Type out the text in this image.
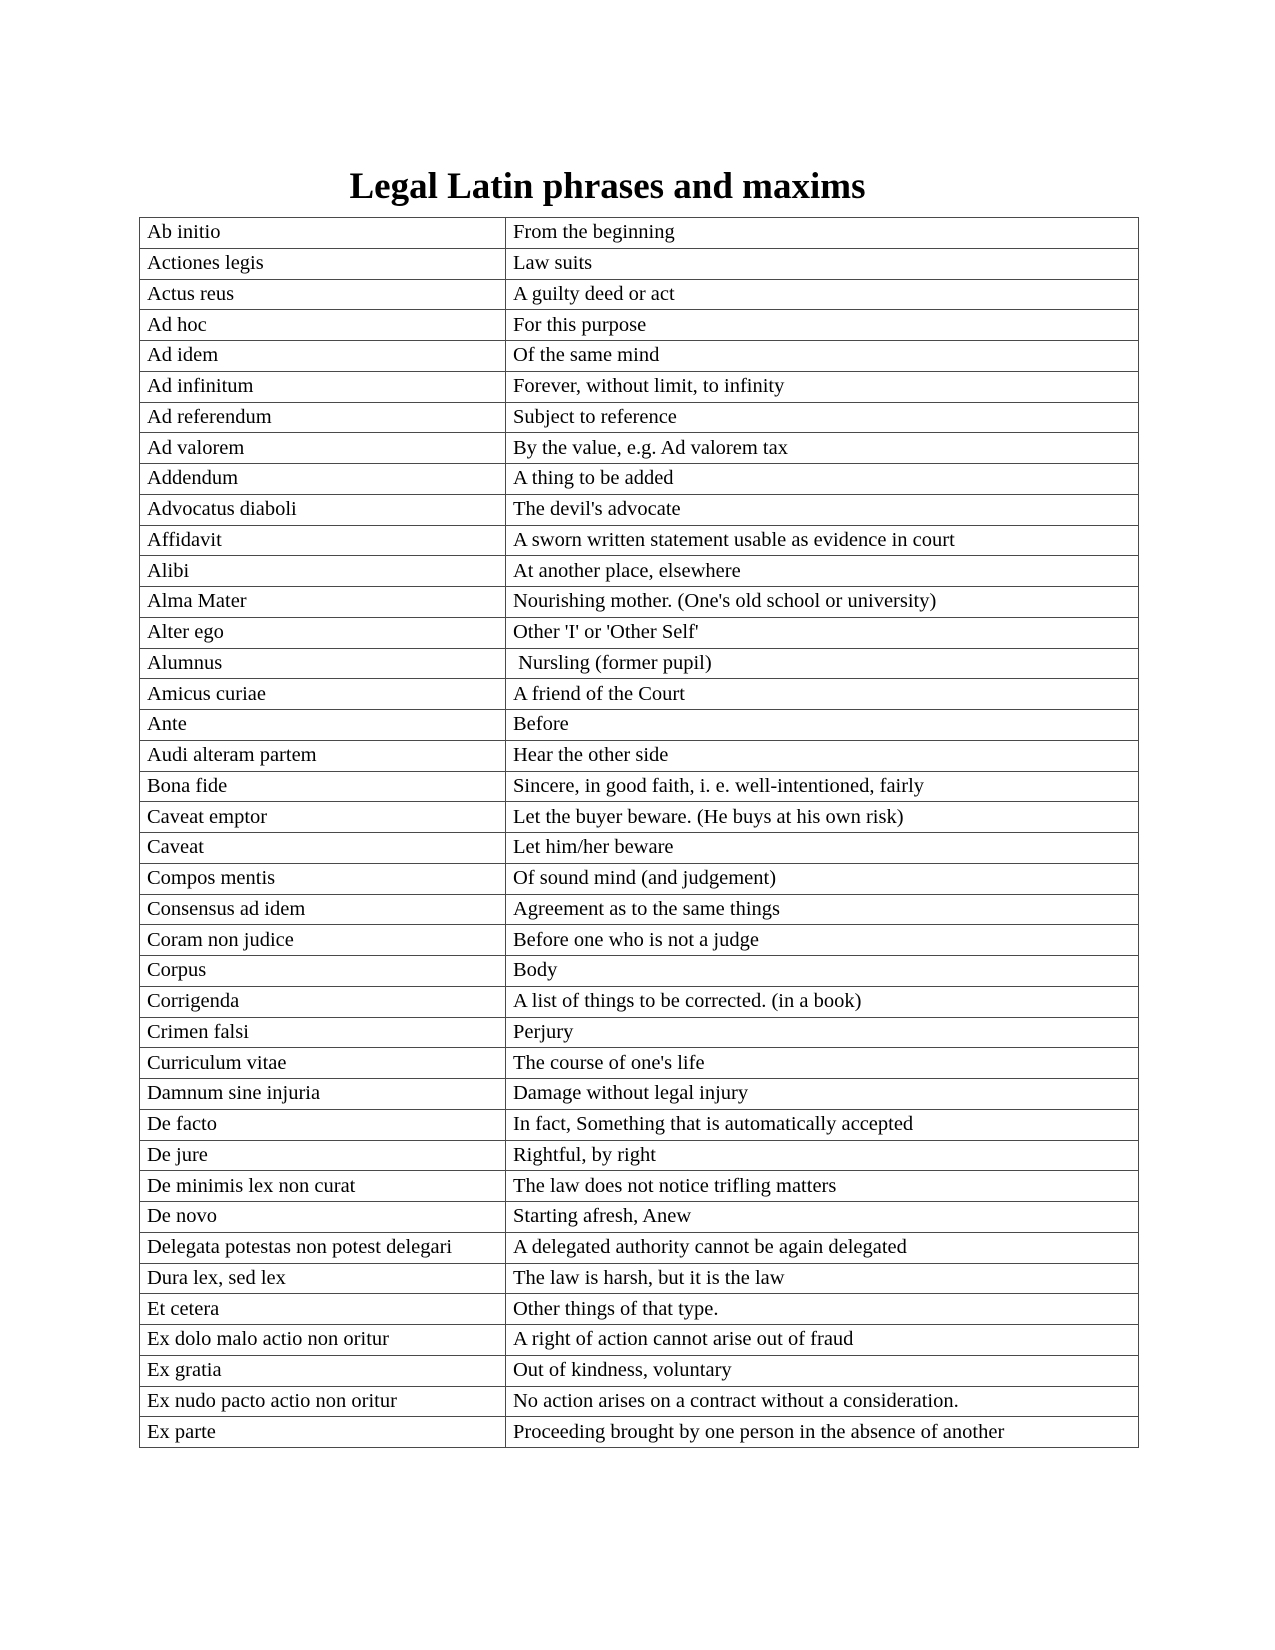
Legal Latin phrases and maxims
Ab initio	From the beginning
Actiones legis	Law suits
Actus reus	A guilty deed or act
Ad hoc	For this purpose
Ad idem	Of the same mind
Ad infinitum	Forever, without limit, to infinity
Ad referendum	Subject to reference
Ad valorem	By the value, e.g. Ad valorem tax
Addendum	A thing to be added
Advocatus diaboli	The devil's advocate
Affidavit	A sworn written statement usable as evidence in court
Alibi	At another place, elsewhere
Alma Mater	Nourishing mother. (One's old school or university)
Alter ego	Other 'I' or 'Other Self'
Alumnus	Nursling (former pupil)
Amicus curiae	A friend of the Court
Ante	Before
Audi alteram partem	Hear the other side
Bona fide	Sincere, in good faith, i. e. well-intentioned, fairly
Caveat emptor	Let the buyer beware. (He buys at his own risk)
Caveat	Let him/her beware
Compos mentis	Of sound mind (and judgement)
Consensus ad idem	Agreement as to the same things
Coram non judice	Before one who is not a judge
Corpus	Body
Corrigenda	A list of things to be corrected. (in a book)
Crimen falsi	Perjury
Curriculum vitae	The course of one's life
Damnum sine injuria	Damage without legal injury
De facto	In fact, Something that is automatically accepted
De jure	Rightful, by right
De minimis lex non curat	The law does not notice trifling matters
De novo	Starting afresh, Anew
Delegata potestas non potest delegari	A delegated authority cannot be again delegated
Dura lex, sed lex	The law is harsh, but it is the law
Et cetera	Other things of that type.
Ex dolo malo actio non oritur	A right of action cannot arise out of fraud
Ex gratia	Out of kindness, voluntary
Ex nudo pacto actio non oritur	No action arises on a contract without a consideration.
Ex parte	Proceeding brought by one person in the absence of another
